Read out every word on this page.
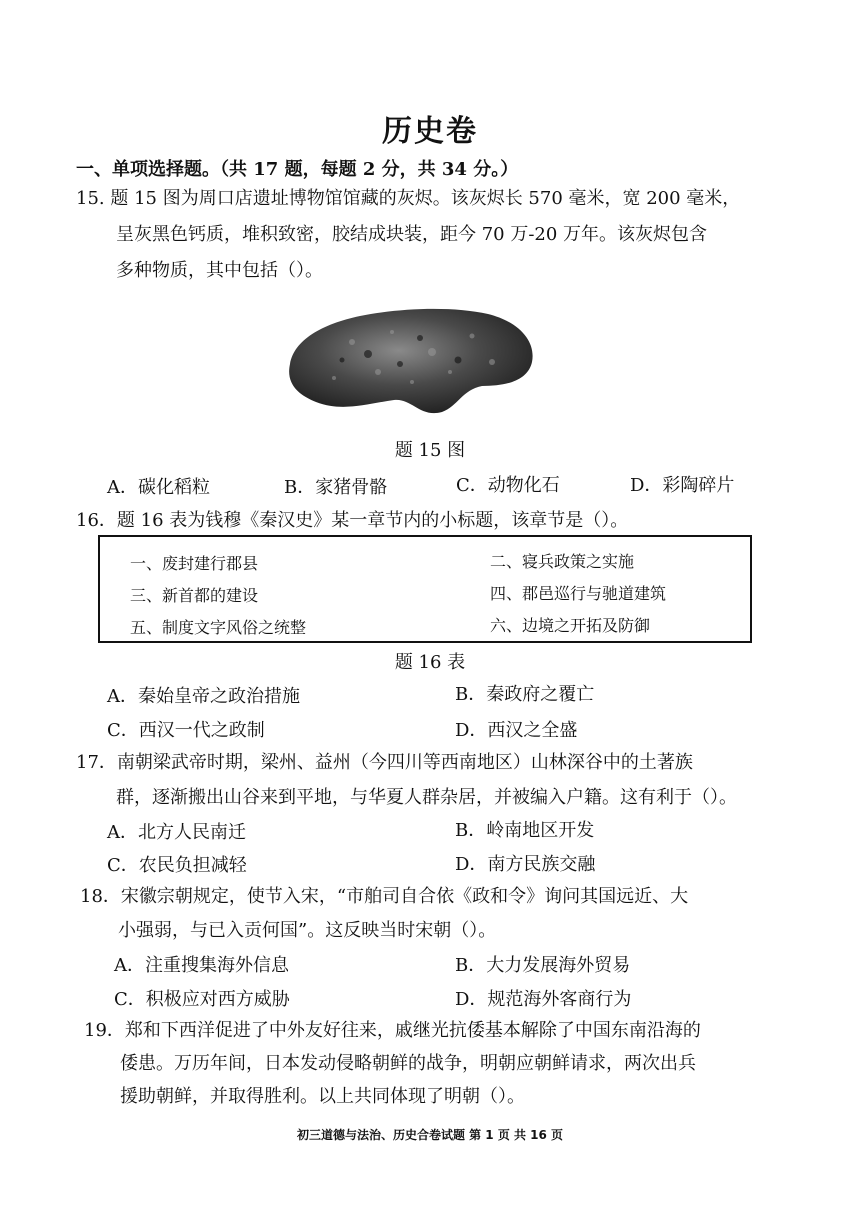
历史卷
一、单项选择题。（共 17 题，每题 2 分，共 34 分。）
15. 题 15 图为周口店遗址博物馆馆藏的灰烬。该灰烬长 570 毫米，宽 200 毫米，
呈灰黑色钙质，堆积致密，胶结成块装，距今 70 万-20 万年。该灰烬包含
多种物质，其中包括（）。
题 15 图
A．碳化稻粒	B．家猪骨骼	C．动物化石	D．彩陶碎片
16．题 16 表为钱穆《秦汉史》某一章节内的小标题，该章节是（）。
一、废封建行郡县	二、寝兵政策之实施
三、新首都的建设	四、郡邑巡行与驰道建筑
五、制度文字风俗之统整	六、边境之开拓及防御
题 16 表
A．秦始皇帝之政治措施	B．秦政府之覆亡
C．西汉一代之政制	D．西汉之全盛
17．南朝梁武帝时期，梁州、益州（今四川等西南地区）山林深谷中的土著族
群，逐渐搬出山谷来到平地，与华夏人群杂居，并被编入户籍。这有利于（）。
A．北方人民南迁	B．岭南地区开发
C．农民负担减轻	D．南方民族交融
18．宋徽宗朝规定，使节入宋，“市舶司自合依《政和令》询问其国远近、大
小强弱，与已入贡何国”。这反映当时宋朝（）。
A．注重搜集海外信息	B．大力发展海外贸易
C．积极应对西方威胁	D．规范海外客商行为
19．郑和下西洋促进了中外友好往来，戚继光抗倭基本解除了中国东南沿海的
倭患。万历年间，日本发动侵略朝鲜的战争，明朝应朝鲜请求，两次出兵
援助朝鲜，并取得胜利。以上共同体现了明朝（）。
初三道德与法治、历史合卷试题 第 1 页 共 16 页
